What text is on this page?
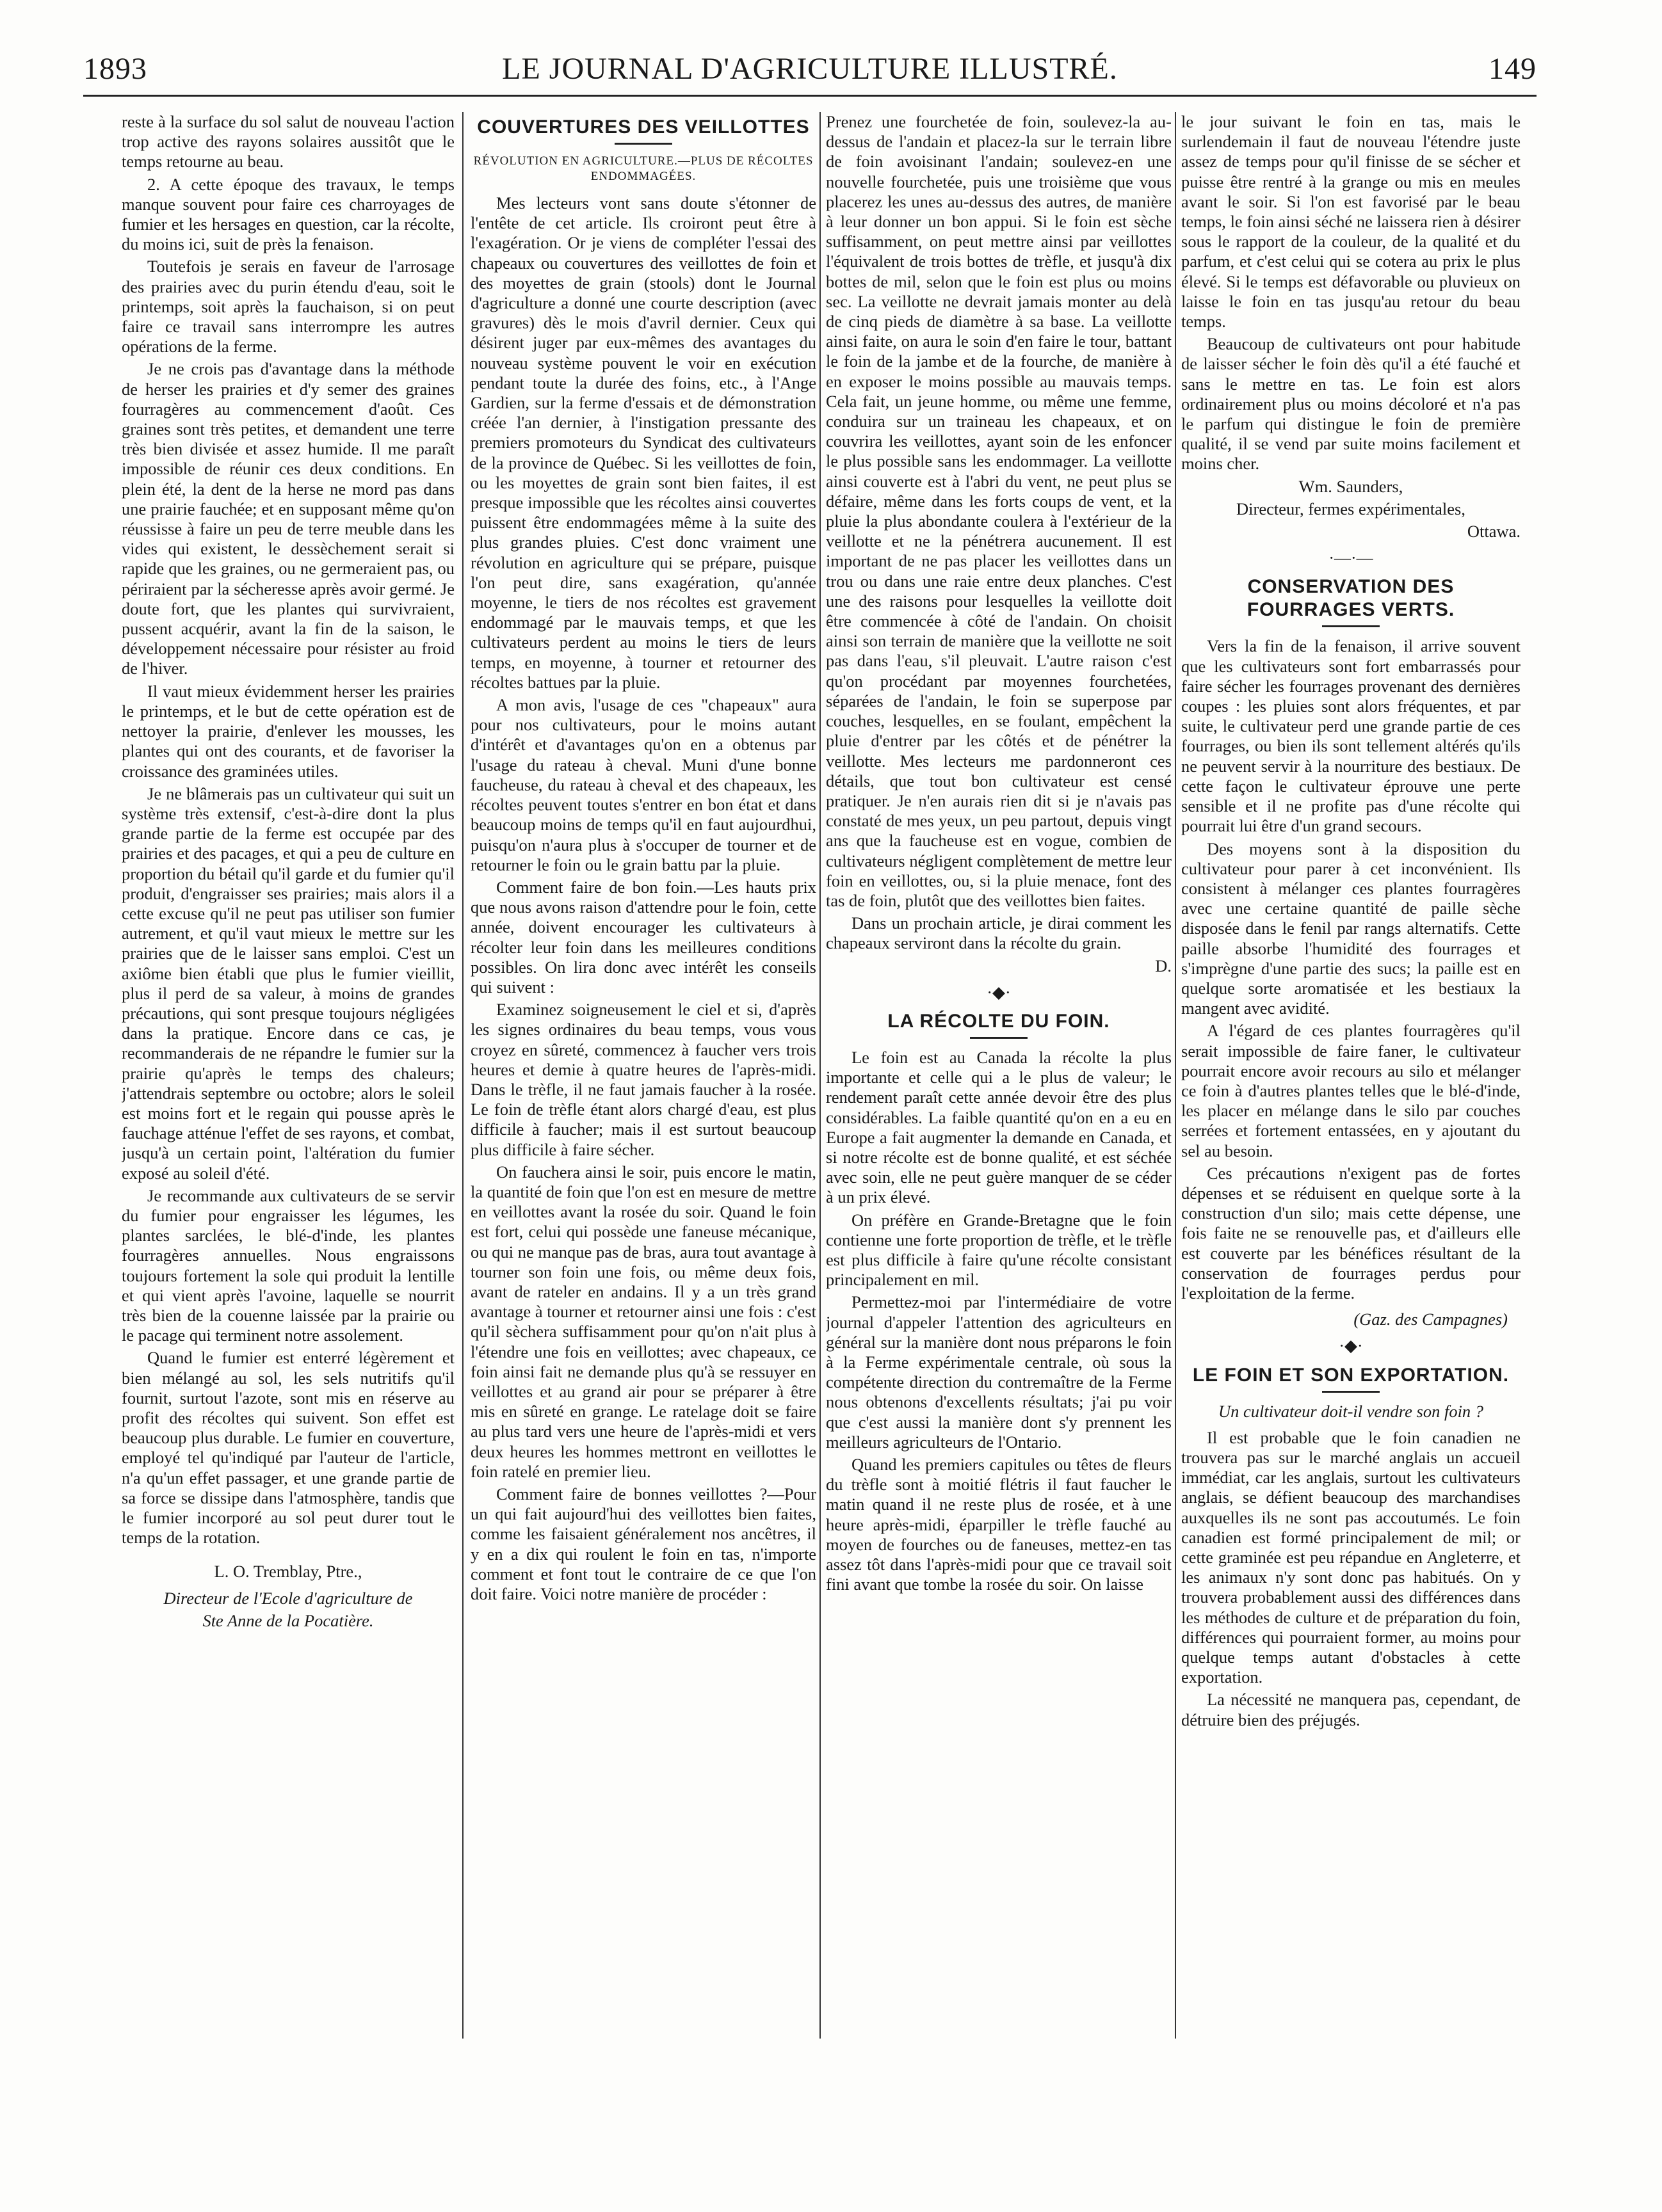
1893	LE JOURNAL D'AGRICULTURE ILLUSTRÉ.	149

reste à la surface du sol salut de nouveau l'action trop active des rayons solaires aussitôt que le temps retourne au beau.

2. A cette époque des travaux, le temps manque souvent pour faire ces charroyages de fumier et les hersages en question, car la récolte, du moins ici, suit de près la fenaison.

Toutefois je serais en faveur de l'arrosage des prairies avec du purin étendu d'eau, soit le printemps, soit après la fauchaison, si on peut faire ce travail sans interrompre les autres opérations de la ferme.

Je ne crois pas d'avantage dans la méthode de herser les prairies et d'y semer des graines fourragères au commencement d'août. Ces graines sont très petites, et demandent une terre très bien divisée et assez humide. Il me paraît impossible de réunir ces deux conditions. En plein été, la dent de la herse ne mord pas dans une prairie fauchée; et en supposant même qu'on réussisse à faire un peu de terre meuble dans les vides qui existent, le dessèchement serait si rapide que les graines, ou ne germeraient pas, ou périraient par la sécheresse après avoir germé. Je doute fort, que les plantes qui survivraient, pussent acquérir, avant la fin de la saison, le développement nécessaire pour résister au froid de l'hiver.

Il vaut mieux évidemment herser les prairies le printemps, et le but de cette opération est de nettoyer la prairie, d'enlever les mousses, les plantes qui ont des courants, et de favoriser la croissance des graminées utiles.

Je ne blâmerais pas un cultivateur qui suit un système très extensif, c'est-à-dire dont la plus grande partie de la ferme est occupée par des prairies et des pacages, et qui a peu de culture en proportion du bétail qu'il garde et du fumier qu'il produit, d'engraisser ses prairies; mais alors il a cette excuse qu'il ne peut pas utiliser son fumier autrement, et qu'il vaut mieux le mettre sur les prairies que de le laisser sans emploi. C'est un axiôme bien établi que plus le fumier vieillit, plus il perd de sa valeur, à moins de grandes précautions, qui sont presque toujours négligées dans la pratique. Encore dans ce cas, je recommanderais de ne répandre le fumier sur la prairie qu'après le temps des chaleurs; j'attendrais septembre ou octobre; alors le soleil est moins fort et le regain qui pousse après le fauchage atténue l'effet de ses rayons, et combat, jusqu'à un certain point, l'altération du fumier exposé au soleil d'été.

Je recommande aux cultivateurs de se servir du fumier pour engraisser les légumes, les plantes sarclées, le blé-d'inde, les plantes fourragères annuelles. Nous engraissons toujours fortement la sole qui produit la lentille et qui vient après l'avoine, laquelle se nourrit très bien de la couenne laissée par la prairie ou le pacage qui terminent notre assolement.

Quand le fumier est enterré légèrement et bien mélangé au sol, les sels nutritifs qu'il fournit, surtout l'azote, sont mis en réserve au profit des récoltes qui suivent. Son effet est beaucoup plus durable. Le fumier en couverture, employé tel qu'indiqué par l'auteur de l'article, n'a qu'un effet passager, et une grande partie de sa force se dissipe dans l'atmosphère, tandis que le fumier incorporé au sol peut durer tout le temps de la rotation.

L. O. Tremblay, Ptre.,

Directeur de l'Ecole d'agriculture de

Ste Anne de la Pocatière.

COUVERTURES DES VEILLOTTES
RÉVOLUTION EN AGRICULTURE.—PLUS DE RÉCOLTES ENDOMMAGÉES.

Mes lecteurs vont sans doute s'étonner de l'entête de cet article. Ils croiront peut être à l'exagération. Or je viens de compléter l'essai des chapeaux ou couvertures des veillottes de foin et des moyettes de grain (stools) dont le Journal d'agriculture a donné une courte description (avec gravures) dès le mois d'avril dernier. Ceux qui désirent juger par eux-mêmes des avantages du nouveau système pouvent le voir en exécution pendant toute la durée des foins, etc., à l'Ange Gardien, sur la ferme d'essais et de démonstration créée l'an dernier, à l'instigation pressante des premiers promoteurs du Syndicat des cultivateurs de la province de Québec. Si les veillottes de foin, ou les moyettes de grain sont bien faites, il est presque impossible que les récoltes ainsi couvertes puissent être endommagées même à la suite des plus grandes pluies. C'est donc vraiment une révolution en agriculture qui se prépare, puisque l'on peut dire, sans exagération, qu'année moyenne, le tiers de nos récoltes est gravement endommagé par le mauvais temps, et que les cultivateurs perdent au moins le tiers de leurs temps, en moyenne, à tourner et retourner des récoltes battues par la pluie.

A mon avis, l'usage de ces "chapeaux" aura pour nos cultivateurs, pour le moins autant d'intérêt et d'avantages qu'on en a obtenus par l'usage du rateau à cheval. Muni d'une bonne faucheuse, du rateau à cheval et des chapeaux, les récoltes peuvent toutes s'entrer en bon état et dans beaucoup moins de temps qu'il en faut aujourdhui, puisqu'on n'aura plus à s'occuper de tourner et de retourner le foin ou le grain battu par la pluie.

Comment faire de bon foin.—Les hauts prix que nous avons raison d'attendre pour le foin, cette année, doivent encourager les cultivateurs à récolter leur foin dans les meilleures conditions possibles. On lira donc avec intérêt les conseils qui suivent :

Examinez soigneusement le ciel et si, d'après les signes ordinaires du beau temps, vous vous croyez en sûreté, commencez à faucher vers trois heures et demie à quatre heures de l'après-midi. Dans le trèfle, il ne faut jamais faucher à la rosée. Le foin de trèfle étant alors chargé d'eau, est plus difficile à faucher; mais il est surtout beaucoup plus difficile à faire sécher.

On fauchera ainsi le soir, puis encore le matin, la quantité de foin que l'on est en mesure de mettre en veillottes avant la rosée du soir. Quand le foin est fort, celui qui possède une faneuse mécanique, ou qui ne manque pas de bras, aura tout avantage à tourner son foin une fois, ou même deux fois, avant de rateler en andains. Il y a un très grand avantage à tourner et retourner ainsi une fois : c'est qu'il sèchera suffisamment pour qu'on n'ait plus à l'étendre une fois en veillottes; avec chapeaux, ce foin ainsi fait ne demande plus qu'à se ressuyer en veillottes et au grand air pour se préparer à être mis en sûreté en grange. Le ratelage doit se faire au plus tard vers une heure de l'après-midi et vers deux heures les hommes mettront en veillottes le foin ratelé en premier lieu.

Comment faire de bonnes veillottes ?—Pour un qui fait aujourd'hui des veillottes bien faites, comme les faisaient généralement nos ancêtres, il y en a dix qui roulent le foin en tas, n'importe comment et font tout le contraire de ce que l'on doit faire. Voici notre manière de procéder :

Prenez une fourchetée de foin, soulevez-la au-dessus de l'andain et placez-la sur le terrain libre de foin avoisinant l'andain; soulevez-en une nouvelle fourchetée, puis une troisième que vous placerez les unes au-dessus des autres, de manière à leur donner un bon appui. Si le foin est sèche suffisamment, on peut mettre ainsi par veillottes l'équivalent de trois bottes de trèfle, et jusqu'à dix bottes de mil, selon que le foin est plus ou moins sec. La veillotte ne devrait jamais monter au delà de cinq pieds de diamètre à sa base. La veillotte ainsi faite, on aura le soin d'en faire le tour, battant le foin de la jambe et de la fourche, de manière à en exposer le moins possible au mauvais temps. Cela fait, un jeune homme, ou même une femme, conduira sur un traineau les chapeaux, et on couvrira les veillottes, ayant soin de les enfoncer le plus possible sans les endommager. La veillotte ainsi couverte est à l'abri du vent, ne peut plus se défaire, même dans les forts coups de vent, et la pluie la plus abondante coulera à l'extérieur de la veillotte et ne la pénétrera aucunement. Il est important de ne pas placer les veillottes dans un trou ou dans une raie entre deux planches. C'est une des raisons pour lesquelles la veillotte doit être commencée à côté de l'andain. On choisit ainsi son terrain de manière que la veillotte ne soit pas dans l'eau, s'il pleuvait. L'autre raison c'est qu'on procédant par moyennes fourchetées, séparées de l'andain, le foin se superpose par couches, lesquelles, en se foulant, empêchent la pluie d'entrer par les côtés et de pénétrer la veillotte. Mes lecteurs me pardonneront ces détails, que tout bon cultivateur est censé pratiquer. Je n'en aurais rien dit si je n'avais pas constaté de mes yeux, un peu partout, depuis vingt ans que la faucheuse est en vogue, combien de cultivateurs négligent complètement de mettre leur foin en veillottes, ou, si la pluie menace, font des tas de foin, plutôt que des veillottes bien faites.

Dans un prochain article, je dirai comment les chapeaux serviront dans la récolte du grain.

D.

·◆·
LA RÉCOLTE DU FOIN.

Le foin est au Canada la récolte la plus importante et celle qui a le plus de valeur; le rendement paraît cette année devoir être des plus considérables. La faible quantité qu'on en a eu en Europe a fait augmenter la demande en Canada, et si notre récolte est de bonne qualité, et est séchée avec soin, elle ne peut guère manquer de se céder à un prix élevé.

On préfère en Grande-Bretagne que le foin contienne une forte proportion de trèfle, et le trèfle est plus difficile à faire qu'une récolte consistant principalement en mil.

Permettez-moi par l'intermédiaire de votre journal d'appeler l'attention des agriculteurs en général sur la manière dont nous préparons le foin à la Ferme expérimentale centrale, où sous la compétente direction du contremaître de la Ferme nous obtenons d'excellents résultats; j'ai pu voir que c'est aussi la manière dont s'y prennent les meilleurs agriculteurs de l'Ontario.

Quand les premiers capitules ou têtes de fleurs du trèfle sont à moitié flétris il faut faucher le matin quand il ne reste plus de rosée, et à une heure après-midi, éparpiller le trèfle fauché au moyen de fourches ou de faneuses, mettez-en tas assez tôt dans l'après-midi pour que ce travail soit fini avant que tombe la rosée du soir. On laisse

le jour suivant le foin en tas, mais le surlendemain il faut de nouveau l'étendre juste assez de temps pour qu'il finisse de se sécher et puisse être rentré à la grange ou mis en meules avant le soir. Si l'on est favorisé par le beau temps, le foin ainsi séché ne laissera rien à désirer sous le rapport de la couleur, de la qualité et du parfum, et c'est celui qui se cotera au prix le plus élevé. Si le temps est défavorable ou pluvieux on laisse le foin en tas jusqu'au retour du beau temps.

Beaucoup de cultivateurs ont pour habitude de laisser sécher le foin dès qu'il a été fauché et sans le mettre en tas. Le foin est alors ordinairement plus ou moins décoloré et n'a pas le parfum qui distingue le foin de première qualité, il se vend par suite moins facilement et moins cher.

Wm. Saunders,

Directeur, fermes expérimentales,

Ottawa.

·—·—
CONSERVATION DES FOURRAGES VERTS.

Vers la fin de la fenaison, il arrive souvent que les cultivateurs sont fort embarrassés pour faire sécher les fourrages provenant des dernières coupes : les pluies sont alors fréquentes, et par suite, le cultivateur perd une grande partie de ces fourrages, ou bien ils sont tellement altérés qu'ils ne peuvent servir à la nourriture des bestiaux. De cette façon le cultivateur éprouve une perte sensible et il ne profite pas d'une récolte qui pourrait lui être d'un grand secours.

Des moyens sont à la disposition du cultivateur pour parer à cet inconvénient. Ils consistent à mélanger ces plantes fourragères avec une certaine quantité de paille sèche disposée dans le fenil par rangs alternatifs. Cette paille absorbe l'humidité des fourrages et s'imprègne d'une partie des sucs; la paille est en quelque sorte aromatisée et les bestiaux la mangent avec avidité.

A l'égard de ces plantes fourragères qu'il serait impossible de faire faner, le cultivateur pourrait encore avoir recours au silo et mélanger ce foin à d'autres plantes telles que le blé-d'inde, les placer en mélange dans le silo par couches serrées et fortement entassées, en y ajoutant du sel au besoin.

Ces précautions n'exigent pas de fortes dépenses et se réduisent en quelque sorte à la construction d'un silo; mais cette dépense, une fois faite ne se renouvelle pas, et d'ailleurs elle est couverte par les bénéfices résultant de la conservation de fourrages perdus pour l'exploitation de la ferme.

(Gaz. des Campagnes)

·◆·
LE FOIN ET SON EXPORTATION.

Un cultivateur doit-il vendre son foin ?

Il est probable que le foin canadien ne trouvera pas sur le marché anglais un accueil immédiat, car les anglais, surtout les cultivateurs anglais, se défient beaucoup des marchandises auxquelles ils ne sont pas accoutumés. Le foin canadien est formé principalement de mil; or cette graminée est peu répandue en Angleterre, et les animaux n'y sont donc pas habitués. On y trouvera probablement aussi des différences dans les méthodes de culture et de préparation du foin, différences qui pourraient former, au moins pour quelque temps autant d'obstacles à cette exportation.

La nécessité ne manquera pas, cependant, de détruire bien des préjugés.
